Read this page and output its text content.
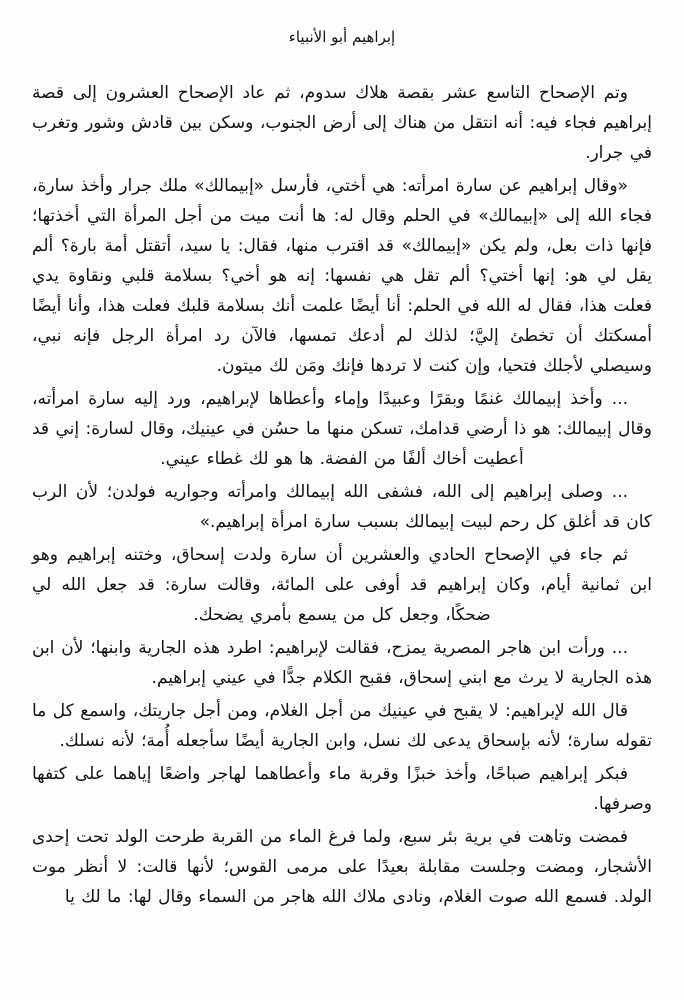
إبراهيم أبو الأنبياء

وتم الإصحاح التاسع عشر بقصة هلاك سدوم، ثم عاد الإصحاح العشرون إلى قصة إبراهيم فجاء فيه: أنه انتقل من هناك إلى أرض الجنوب، وسكن بين قادش وشور وتغرب في جرار.

«وقال إبراهيم عن سارة امرأته: هي أختي، فأرسل «إبيمالك» ملك جرار وأخذ سارة، فجاء الله إلى «إبيمالك» في الحلم وقال له: ها أنت ميت من أجل المرأة التي أخذتها؛ فإنها ذات بعل، ولم يكن «إبيمالك» قد اقترب منها، فقال: يا سيد، أتقتل أمة بارة؟ ألم يقل لي هو: إنها أختي؟ ألم تقل هي نفسها: إنه هو أخي؟ بسلامة قلبي ونقاوة يدي فعلت هذا، فقال له الله في الحلم: أنا أيضًا علمت أنك بسلامة قلبك فعلت هذا، وأنا أيضًا أمسكتك أن تخطئ إليَّ؛ لذلك لم أدعك تمسها، فالآن رد امرأة الرجل فإنه نبي، وسيصلي لأجلك فتحيا، وإن كنت لا تردها فإنك ومَن لك ميتون.

... وأخذ إبيمالك غنمًا وبقرًا وعبيدًا وإماء وأعطاها لإبراهيم، ورد إليه سارة امرأته، وقال إبيمالك: هو ذا أرضي قدامك، تسكن منها ما حسُن في عينيك، وقال لسارة: إني قد أعطيت أخاك ألفًا من الفضة. ها هو لك غطاء عيني.

... وصلى إبراهيم إلى الله، فشفى الله إبيمالك وامرأته وجواريه فولدن؛ لأن الرب كان قد أغلق كل رحم لبيت إبيمالك بسبب سارة امرأة إبراهيم.»

ثم جاء في الإصحاح الحادي والعشرين أن سارة ولدت إسحاق، وختنه إبراهيم وهو ابن ثمانية أيام، وكان إبراهيم قد أوفى على المائة، وقالت سارة: قد جعل الله لي ضحكًا، وجعل كل من يسمع بأمري يضحك.

... ورأت ابن هاجر المصرية يمزح، فقالت لإبراهيم: اطرد هذه الجارية وابنها؛ لأن ابن هذه الجارية لا يرث مع ابني إسحاق، فقبح الكلام جدًّا في عيني إبراهيم.

قال الله لإبراهيم: لا يقبح في عينيك من أجل الغلام، ومن أجل جاريتك، واسمع كل ما تقوله سارة؛ لأنه بإسحاق يدعى لك نسل، وابن الجارية أيضًا سأجعله أُمة؛ لأنه نسلك.

فبكر إبراهيم صباحًا، وأخذ خبزًا وقربة ماء وأعطاهما لهاجر واضعًا إياهما على كتفها وصرفها.

فمضت وتاهت في برية بئر سبع، ولما فرغ الماء من القربة طرحت الولد تحت إحدى الأشجار، ومضت وجلست مقابلة بعيدًا على مرمى القوس؛ لأنها قالت: لا أنظر موت الولد. فسمع الله صوت الغلام، ونادى ملاك الله هاجر من السماء وقال لها: ما لك يا
